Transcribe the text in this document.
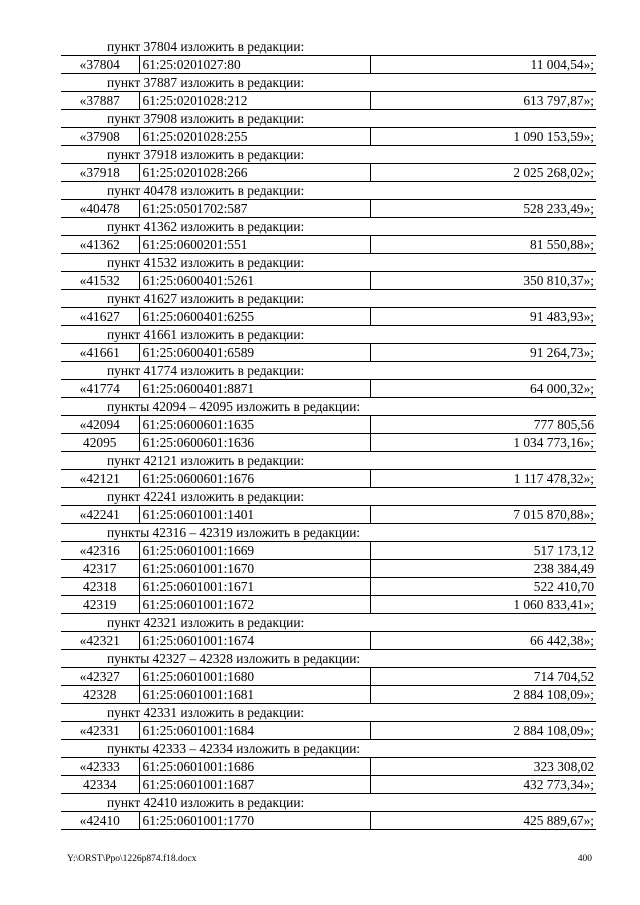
пункт 37804 изложить в редакции:		
«37804	61:25:0201027:80	11 004,54»;
пункт 37887 изложить в редакции:		
«37887	61:25:0201028:212	613 797,87»;
пункт 37908 изложить в редакции:		
«37908	61:25:0201028:255	1 090 153,59»;
пункт 37918 изложить в редакции:		
«37918	61:25:0201028:266	2 025 268,02»;
пункт 40478 изложить в редакции:		
«40478	61:25:0501702:587	528 233,49»;
пункт 41362 изложить в редакции:		
«41362	61:25:0600201:551	81 550,88»;
пункт 41532 изложить в редакции:		
«41532	61:25:0600401:5261	350 810,37»;
пункт 41627 изложить в редакции:		
«41627	61:25:0600401:6255	91 483,93»;
пункт 41661 изложить в редакции:		
«41661	61:25:0600401:6589	91 264,73»;
пункт 41774 изложить в редакции:		
«41774	61:25:0600401:8871	64 000,32»;
пункты 42094 – 42095 изложить в редакции:		
«42094	61:25:0600601:1635	777 805,56
42095	61:25:0600601:1636	1 034 773,16»;
пункт 42121 изложить в редакции:		
«42121	61:25:0600601:1676	1 117 478,32»;
пункт 42241 изложить в редакции:		
«42241	61:25:0601001:1401	7 015 870,88»;
пункты 42316 – 42319 изложить в редакции:		
«42316	61:25:0601001:1669	517 173,12
42317	61:25:0601001:1670	238 384,49
42318	61:25:0601001:1671	522 410,70
42319	61:25:0601001:1672	1 060 833,41»;
пункт 42321 изложить в редакции:		
«42321	61:25:0601001:1674	66 442,38»;
пункты 42327 – 42328 изложить в редакции:		
«42327	61:25:0601001:1680	714 704,52
42328	61:25:0601001:1681	2 884 108,09»;
пункт 42331 изложить в редакции:		
«42331	61:25:0601001:1684	2 884 108,09»;
пункты 42333 – 42334 изложить в редакции:		
«42333	61:25:0601001:1686	323 308,02
42334	61:25:0601001:1687	432 773,34»;
пункт 42410 изложить в редакции:		
«42410	61:25:0601001:1770	425 889,67»;
Y:\ORST\Ppo\1226p874.f18.docx	400
